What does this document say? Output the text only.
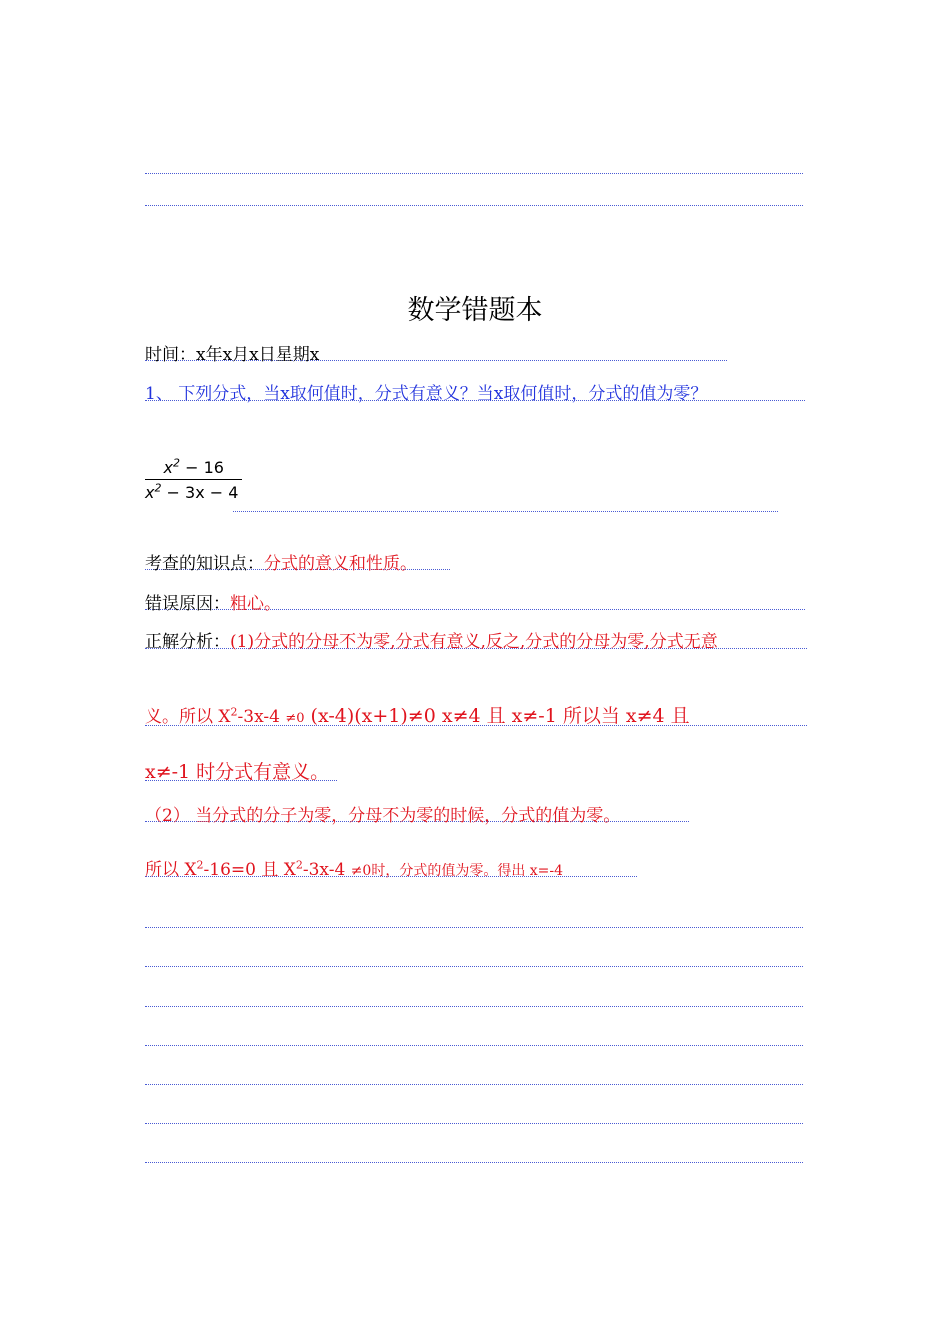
数学错题本
时间：x年x月x日星期x
1、 下列分式，当x取何值时，分式有意义？当x取何值时，分式的值为零？
$\frac{x^2 - 16}{x^2 - 3x - 4}$
考查的知识点：分式的意义和性质。
错误原因：粗心。
正解分析：(1)分式的分母不为零,分式有意义,反之,分式的分母为零,分式无意
义。所以 $X^2-3x-4 \ne 0$ (x-4)(x+1)≠0 x≠4 且 x≠-1 所以当 x≠4 且
x≠-1 时分式有意义。
（2） 当分式的分子为零，分母不为零的时候，分式的值为零。
所以 $X^2-16=0$ 且 $X^2-3x-4 \ne 0$时，分式的值为零。得出 x=-4
